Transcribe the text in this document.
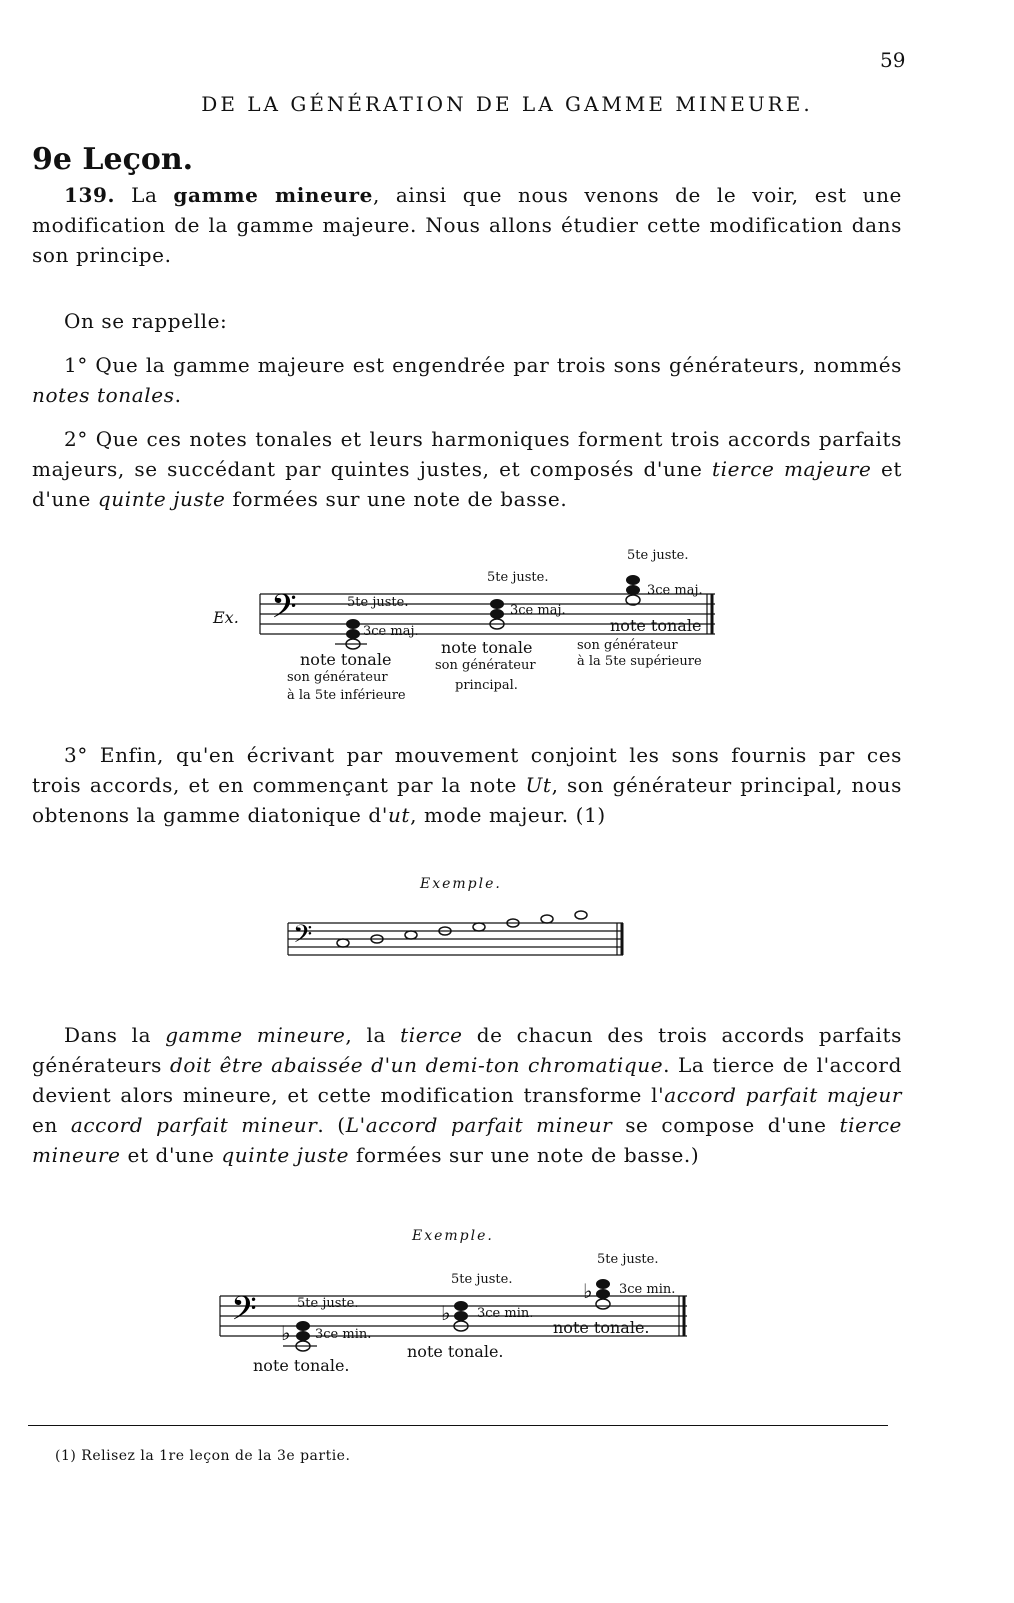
59
DE LA GÉNÉRATION DE LA GAMME MINEURE.
9e Leçon.

139. La gamme mineure, ainsi que nous venons de le voir, est une modification de la gamme majeure. Nous allons étudier cette modification dans son principe.

On se rappelle:

1° Que la gamme majeure est engendrée par trois sons générateurs, nommés notes tonales.

2° Que ces notes tonales et leurs harmoniques forment trois accords parfaits majeurs, se succédant par quintes justes, et composés d'une tierce majeure et d'une quinte juste formées sur une note de basse.

Ex. 𝄢	5te juste.
3ce maj.
note tonale
son générateur
à la 5te inférieure
5te juste.
3ce maj.
note tonale
son générateur
principal.
5te juste.
3ce maj.
note tonale
son générateur
à la 5te supérieure

3° Enfin, qu'en écrivant par mouvement conjoint les sons fournis par ces trois accords, et en commençant par la note Ut, son générateur principal, nous obtenons la gamme diatonique d'ut, mode majeur. (1)

Exemple.
𝄢

Dans la gamme mineure, la tierce de chacun des trois accords parfaits générateurs doit être abaissée d'un demi-ton chromatique. La tierce de l'accord devient alors mineure, et cette modification transforme l'accord parfait majeur en accord parfait mineur. (L'accord parfait mineur se compose d'une tierce mineure et d'une quinte juste formées sur une note de basse.)

Exemple.
𝄢 ♭
♭
♭
5te juste.
3ce min.
note tonale.
5te juste.
3ce min.
note tonale.
5te juste.
3ce min.
note tonale.
(1) Relisez la 1re leçon de la 3e partie.
